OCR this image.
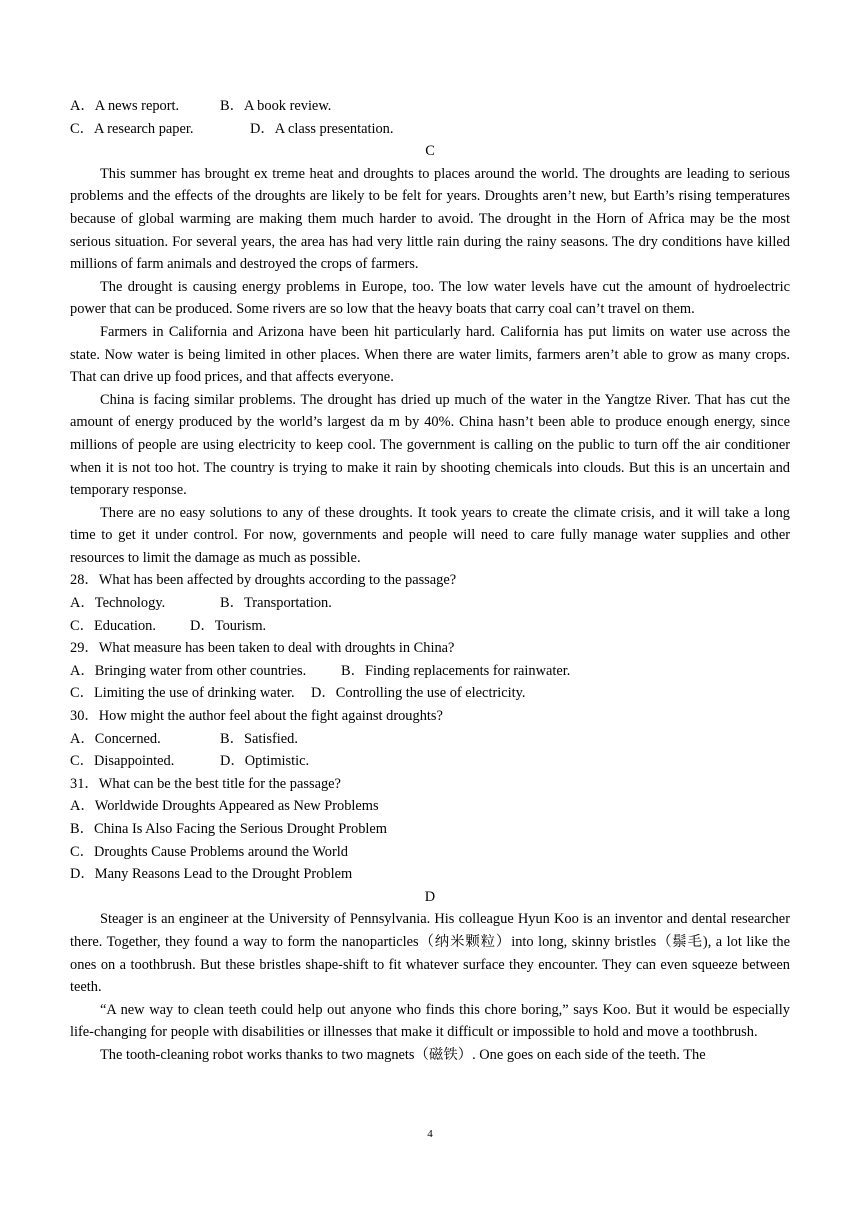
A．A news report.	B．A book review.
C．A research paper.	D．A class presentation.
C
This summer has brought ex treme heat and droughts to places around the world. The droughts are leading to serious problems and the effects of the droughts are likely to be felt for years. Droughts aren’t new, but Earth’s rising temperatures because of global warming are making them much harder to avoid. The drought in the Horn of Africa may be the most serious situation. For several years, the area has had very little rain during the rainy seasons. The dry conditions have killed millions of farm animals and destroyed the crops of farmers.
The drought is causing energy problems in Europe, too. The low water levels have cut the amount of hydroelectric power that can be produced. Some rivers are so low that the heavy boats that carry coal can’t travel on them.
Farmers in California and Arizona have been hit particularly hard. California has put limits on water use across the state. Now water is being limited in other places. When there are water limits, farmers aren’t able to grow as many crops. That can drive up food prices, and that affects everyone.
China is facing similar problems. The drought has dried up much of the water in the Yangtze River. That has cut the amount of energy produced by the world’s largest da m by 40%. China hasn’t been able to produce enough energy, since millions of people are using electricity to keep cool. The government is calling on the public to turn off the air conditioner when it is not too hot. The country is trying to make it rain by shooting chemicals into clouds. But this is an uncertain and temporary response.
There are no easy solutions to any of these droughts. It took years to create the climate crisis, and it will take a long time to get it under control. For now, governments and people will need to care fully manage water supplies and other resources to limit the damage as much as possible.
28．What has been affected by droughts according to the passage?
A．Technology.	B．Transportation.
C．Education. D．Tourism.
29．What measure has been taken to deal with droughts in China?
A．Bringing water from other countries. B．Finding replacements for rainwater.
C．Limiting the use of drinking water. D．Controlling the use of electricity.
30．How might the author feel about the fight against droughts?
A．Concerned.	B．Satisfied.
C．Disappointed.	D．Optimistic.
31．What can be the best title for the passage?
A．Worldwide Droughts Appeared as New Problems
B．China Is Also Facing the Serious Drought Problem
C．Droughts Cause Problems around the World
D．Many Reasons Lead to the Drought Problem
D
Steager is an engineer at the University of Pennsylvania. His colleague Hyun Koo is an inventor and dental researcher there. Together, they found a way to form the nanoparticles（纳米颗粒）into long, skinny bristles（鬃毛), a lot like the ones on a toothbrush. But these bristles shape-shift to fit whatever surface they encounter. They can even squeeze between teeth.
“A new way to clean teeth could help out anyone who finds this chore boring,” says Koo. But it would be especially life-changing for people with disabilities or illnesses that make it difficult or impossible to hold and move a toothbrush.
The tooth-cleaning robot works thanks to two magnets（磁铁）. One goes on each side of the teeth. The
4
